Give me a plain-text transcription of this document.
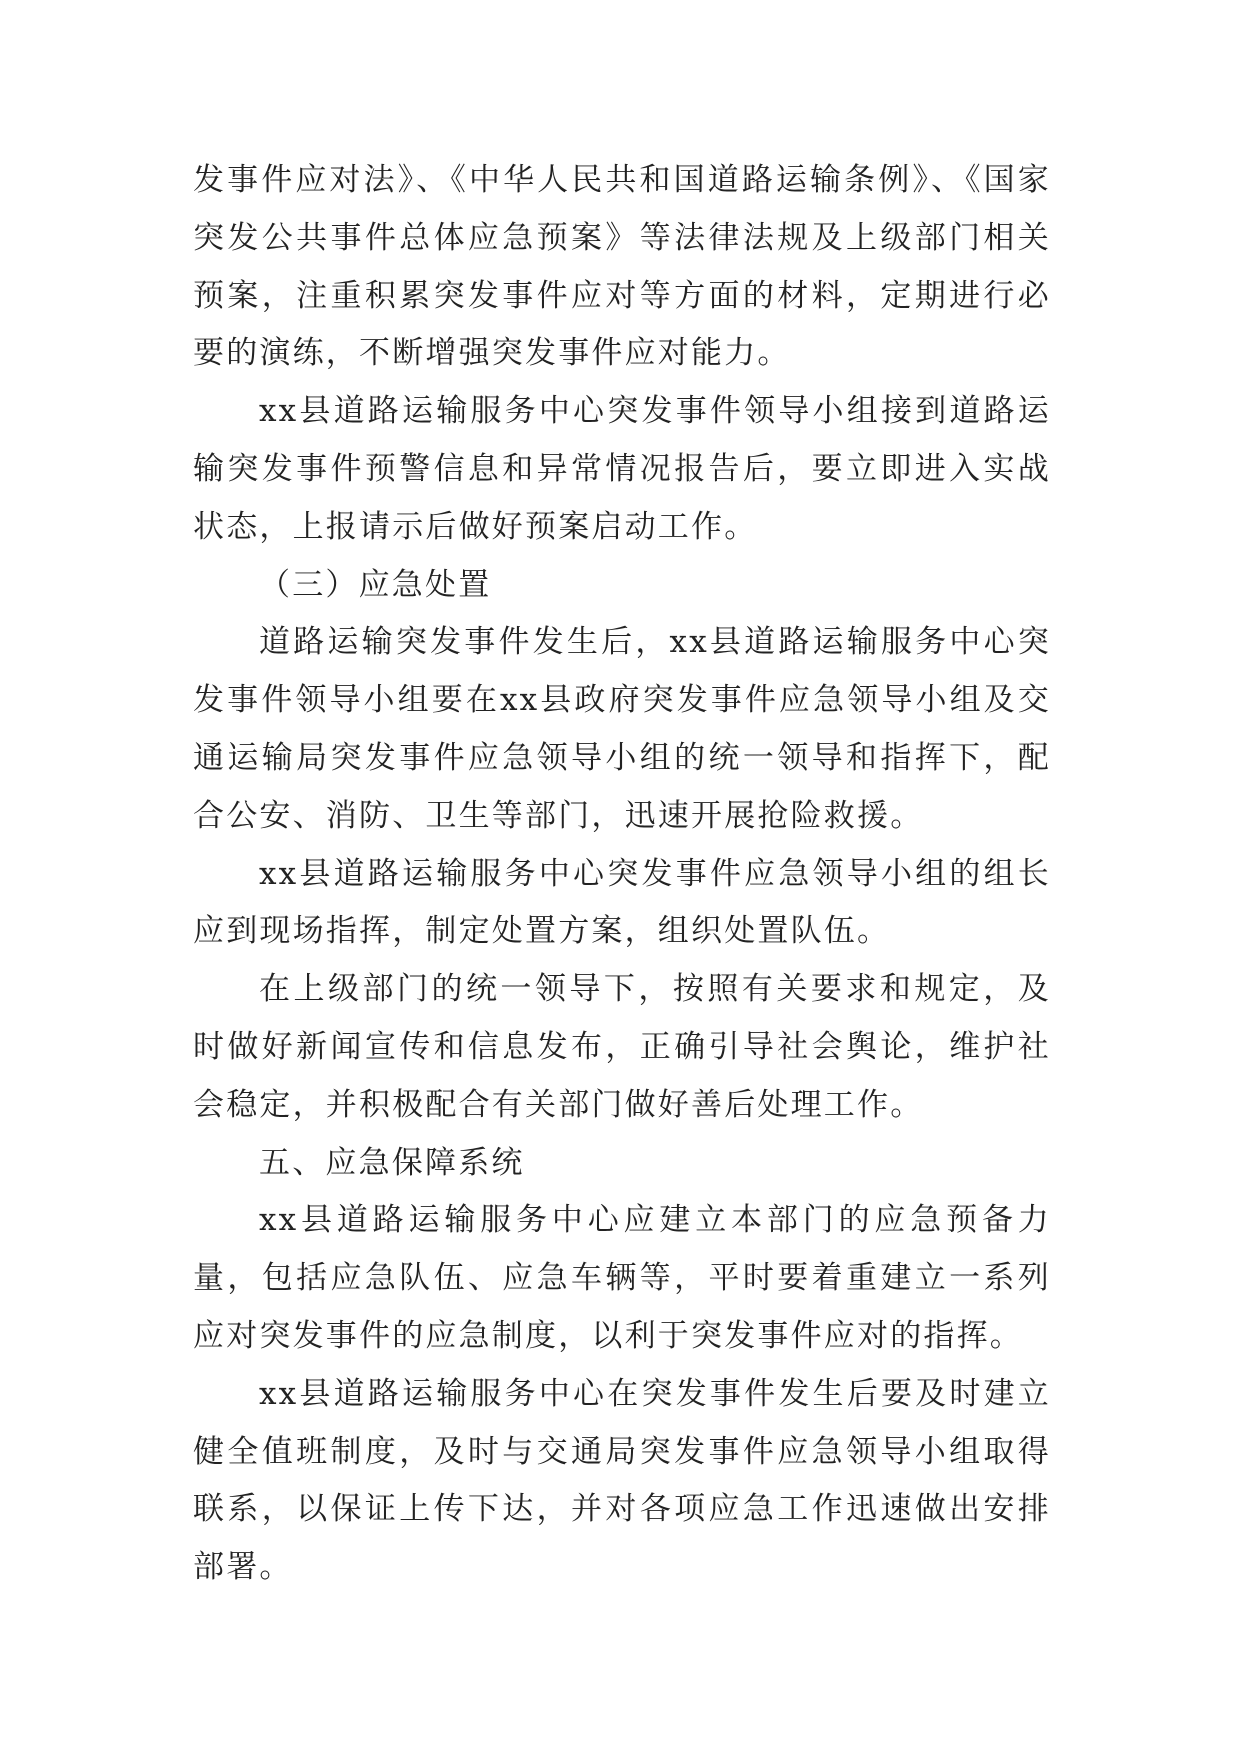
发事件应对法》、《中华人民共和国道路运输条例》、《国家突发公共事件总体应急预案》等法律法规及上级部门相关预案，注重积累突发事件应对等方面的材料，定期进行必要的演练，不断增强突发事件应对能力。

xx县道路运输服务中心突发事件领导小组接到道路运输突发事件预警信息和异常情况报告后，要立即进入实战状态，上报请示后做好预案启动工作。

（三）应急处置

道路运输突发事件发生后，xx县道路运输服务中心突发事件领导小组要在xx县政府突发事件应急领导小组及交通运输局突发事件应急领导小组的统一领导和指挥下，配合公安、消防、卫生等部门，迅速开展抢险救援。

xx县道路运输服务中心突发事件应急领导小组的组长应到现场指挥，制定处置方案，组织处置队伍。

在上级部门的统一领导下，按照有关要求和规定，及时做好新闻宣传和信息发布，正确引导社会舆论，维护社会稳定，并积极配合有关部门做好善后处理工作。

五、应急保障系统

xx县道路运输服务中心应建立本部门的应急预备力量，包括应急队伍、应急车辆等，平时要着重建立一系列应对突发事件的应急制度，以利于突发事件应对的指挥。

xx县道路运输服务中心在突发事件发生后要及时建立健全值班制度，及时与交通局突发事件应急领导小组取得联系，以保证上传下达，并对各项应急工作迅速做出安排部署。
